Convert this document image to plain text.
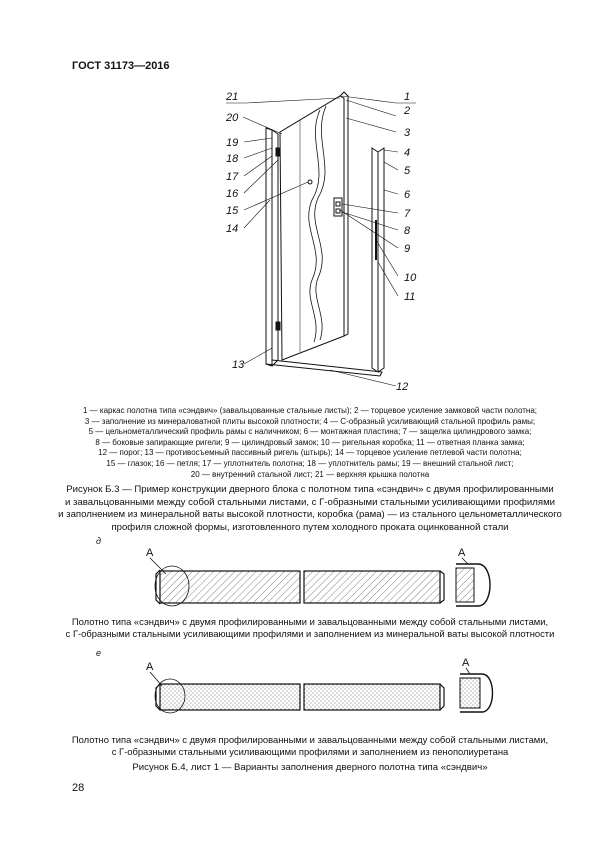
ГОСТ 31173—2016
1
2
3
4
5
6
7
8
9
10
11
12
13
14
15
16
17
18
19
20
21
А	А
А	А
1 — каркас полотна типа «сэндвич» (завальцованные стальные листы); 2 — торцевое усиление замковой части полотна;
3 — заполнение из минераловатной плиты высокой плотности; 4 — С-образный усиливающий стальной профиль рамы;
5 — цельнометаллический профиль рамы с наличником; 6 — монтажная пластина; 7 — защелка цилиндрового замка;
8 — боковые запирающие ригели; 9 — цилиндровый замок; 10 — ригельная коробка; 11 — ответная планка замка;
12 — порог; 13 — противосъемный пассивный ригель (штырь); 14 — торцевое усиление петлевой части полотна;
15 — глазок; 16 — петля; 17 — уплотнитель полотна; 18 — уплотнитель рамы; 19 — внешний стальной лист;
20 — внутренний стальной лист; 21 — верхняя крышка полотна
Рисунок Б.3 — Пример конструкции дверного блока с полотном типа «сэндвич» с двумя профилированными
и завальцованными между собой стальными листами, с Г-образными стальными усиливающими профилями
и заполнением из минеральной ваты высокой плотности, коробка (рама) — из стального цельнометаллического
профиля сложной формы, изготовленного путем холодного проката оцинкованной стали
д
Полотно типа «сэндвич» с двумя профилированными и завальцованными между собой стальными листами,
с Г-образными стальными усиливающими профилями и заполнением из минеральной ваты высокой плотности
е
Полотно типа «сэндвич» с двумя профилированными и завальцованными между собой стальными листами,
с Г-образными стальными усиливающими профилями и заполнением из пенополиуретана
Рисунок Б.4, лист 1 — Варианты заполнения дверного полотна типа «сэндвич»
28
